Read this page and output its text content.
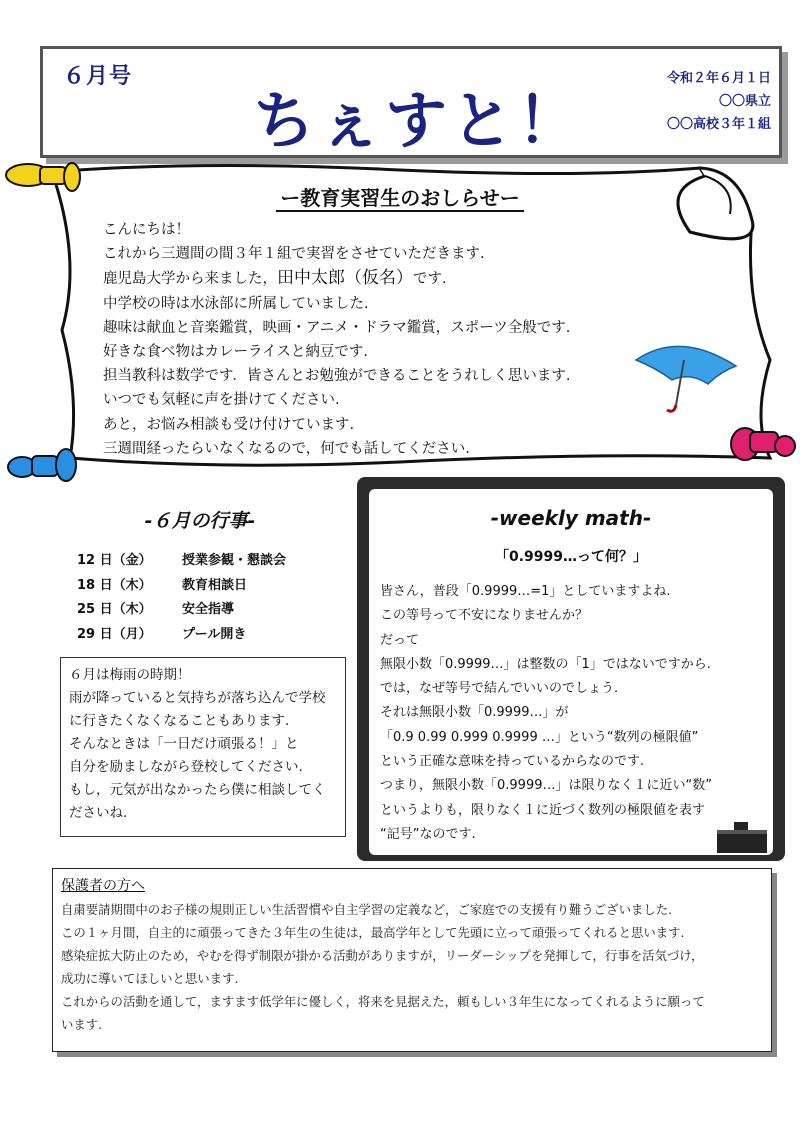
６月号
ちぇすと！
令和２年６月１日
〇〇県立
〇〇高校３年１組
ー教育実習生のおしらせー
こんにちは！
これから三週間の間３年１組で実習をさせていただきます.
鹿児島大学から来ました，田中太郎（仮名）です.
中学校の時は水泳部に所属していました.
趣味は献血と音楽鑑賞，映画・アニメ・ドラマ鑑賞，スポーツ全般です.
好きな食べ物はカレーライスと納豆です.
担当教科は数学です．皆さんとお勉強ができることをうれしく思います.
いつでも気軽に声を掛けてください.
あと，お悩み相談も受け付けています.
三週間経ったらいなくなるので，何でも話してください.
-６月の行事-
12 日（金）	授業参観・懇談会
18 日（木）	教育相談日
25 日（木）	安全指導
29 日（月）	プール開き
６月は梅雨の時期！
雨が降っていると気持ちが落ち込んで学校
に行きたくなくなることもあります.
そんなときは「一日だけ頑張る！」と
自分を励ましながら登校してください.
もし，元気が出なかったら僕に相談してく
ださいね.
-weekly math-
「0.9999…って何？」
皆さん，普段「0.9999…=1」としていますよね.
この等号って不安になりませんか？
だって
無限小数「0.9999…」は整数の「1」ではないですから.
では，なぜ等号で結んでいいのでしょう.
それは無限小数「0.9999…」が
「0.9 0.99 0.999 0.9999 …」という“数列の極限値”
という正確な意味を持っているからなのです.
つまり，無限小数「0.9999…」は限りなく１に近い“数”
というよりも，限りなく１に近づく数列の極限値を表す
“記号”なのです.
保護者の方へ
自粛要請期間中のお子様の規則正しい生活習慣や自主学習の定義など，ご家庭での支援有り難うございました.
この１ヶ月間，自主的に頑張ってきた３年生の生徒は，最高学年として先頭に立って頑張ってくれると思います.
感染症拡大防止のため，やむを得ず制限が掛かる活動がありますが，リーダーシップを発揮して，行事を活気づけ，
成功に導いてほしいと思います.
これからの活動を通して，ますます低学年に優しく，将来を見据えた，頼もしい３年生になってくれるように願って
います.
